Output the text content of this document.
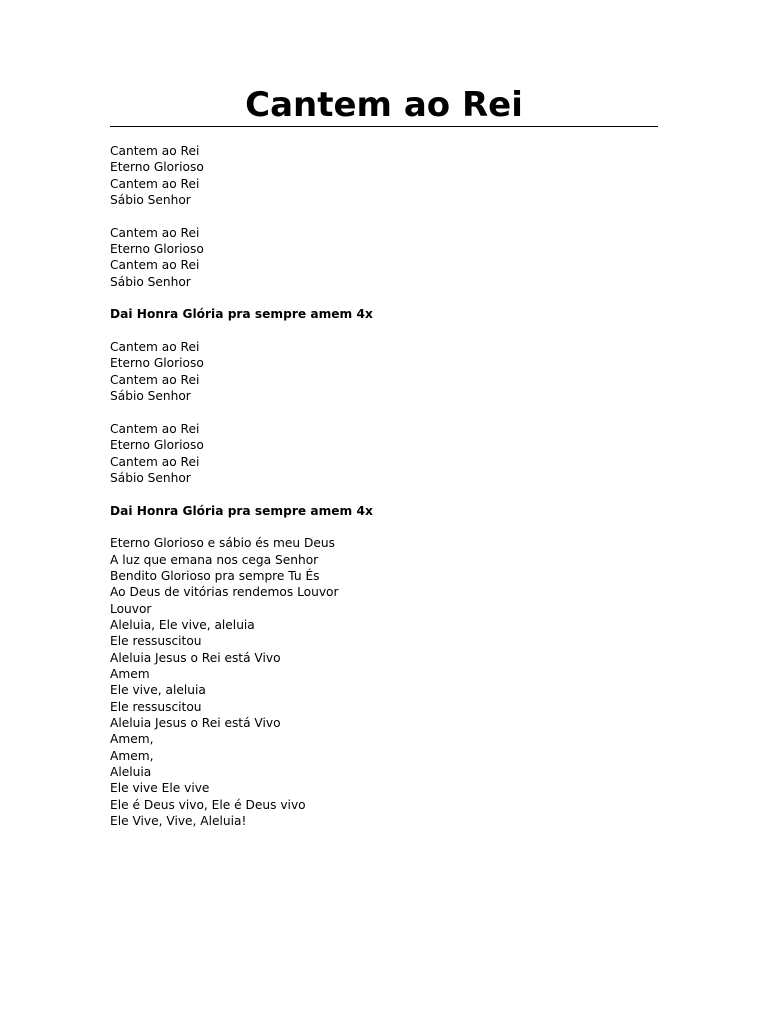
Cantem ao Rei
Cantem ao Rei
Eterno Glorioso
Cantem ao Rei
Sábio Senhor
Cantem ao Rei
Eterno Glorioso
Cantem ao Rei
Sábio Senhor
Dai Honra Glória pra sempre amem 4x
Cantem ao Rei
Eterno Glorioso
Cantem ao Rei
Sábio Senhor
Cantem ao Rei
Eterno Glorioso
Cantem ao Rei
Sábio Senhor
Dai Honra Glória pra sempre amem 4x
Eterno Glorioso e sábio és meu Deus
A luz que emana nos cega Senhor
Bendito Glorioso pra sempre Tu És
Ao Deus de vitórias rendemos Louvor
Louvor
Aleluia, Ele vive, aleluia
Ele ressuscitou
Aleluia Jesus o Rei está Vivo
Amem
Ele vive, aleluia
Ele ressuscitou
Aleluia Jesus o Rei está Vivo
Amem,
Amem,
Aleluia
Ele vive Ele vive
Ele é Deus vivo, Ele é Deus vivo
Ele Vive, Vive, Aleluia!
